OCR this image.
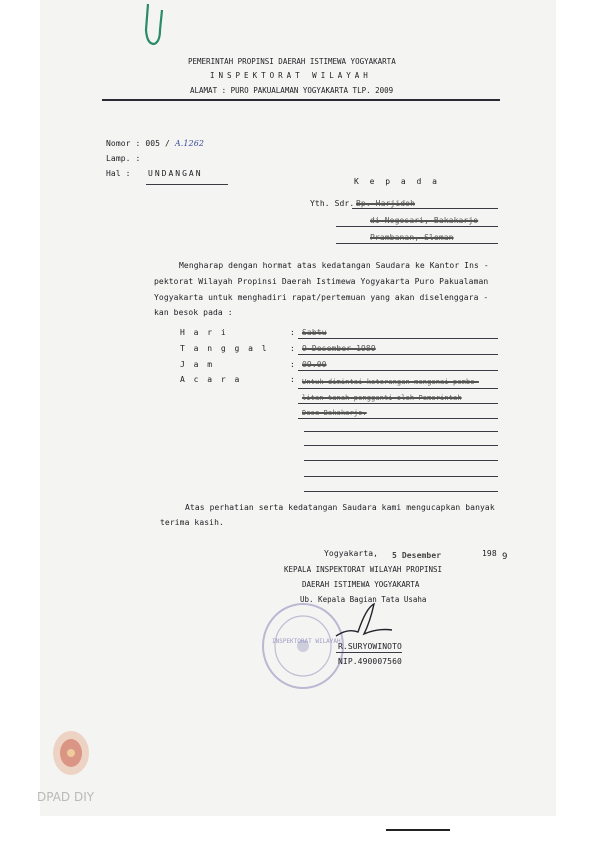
PEMERINTAH PROPINSI DAERAH ISTIMEWA YOGYAKARTA
INSPEKTORAT WILAYAH
ALAMAT : PURO PAKUALAMAN YOGYAKARTA TLP. 2009
Nomor : 005 / A.1262
Lamp. :
Hal : UNDANGAN
K e p a d a
Yth. Sdr. Bp. Harjidoh
di Nogosari, Bakakarjo
Prambanan, Sleman
Mengharap dengan hormat atas kedatangan Saudara ke Kantor Ins -
pektorat Wilayah Propinsi Daerah Istimewa Yogyakarta Puro Pakualaman
Yogyakarta untuk menghadiri rapat/pertemuan yang akan diselenggara -
kan besok pada :
H a r i	: Sabtu
T a n g g a l	: 9 Desember 1989
J a m	: 09.00
A c a r a	: Untuk dimintai keterangan mengenai pembe-
litan tanah pengganti oleh Pemerintah
Desa Bakakarjo.
Atas perhatian serta kedatangan Saudara kami mengucapkan banyak
terima kasih.
Yogyakarta, 5 Desember	198 9
KEPALA INSPEKTORAT WILAYAH PROPINSI
DAERAH ISTIMEWA YOGYAKARTA
Ub. Kepala Bagian Tata Usaha
INSPEKTORAT WILAYAH
R.SURYOWINOTO
NIP.490007560
DPAD DIY
